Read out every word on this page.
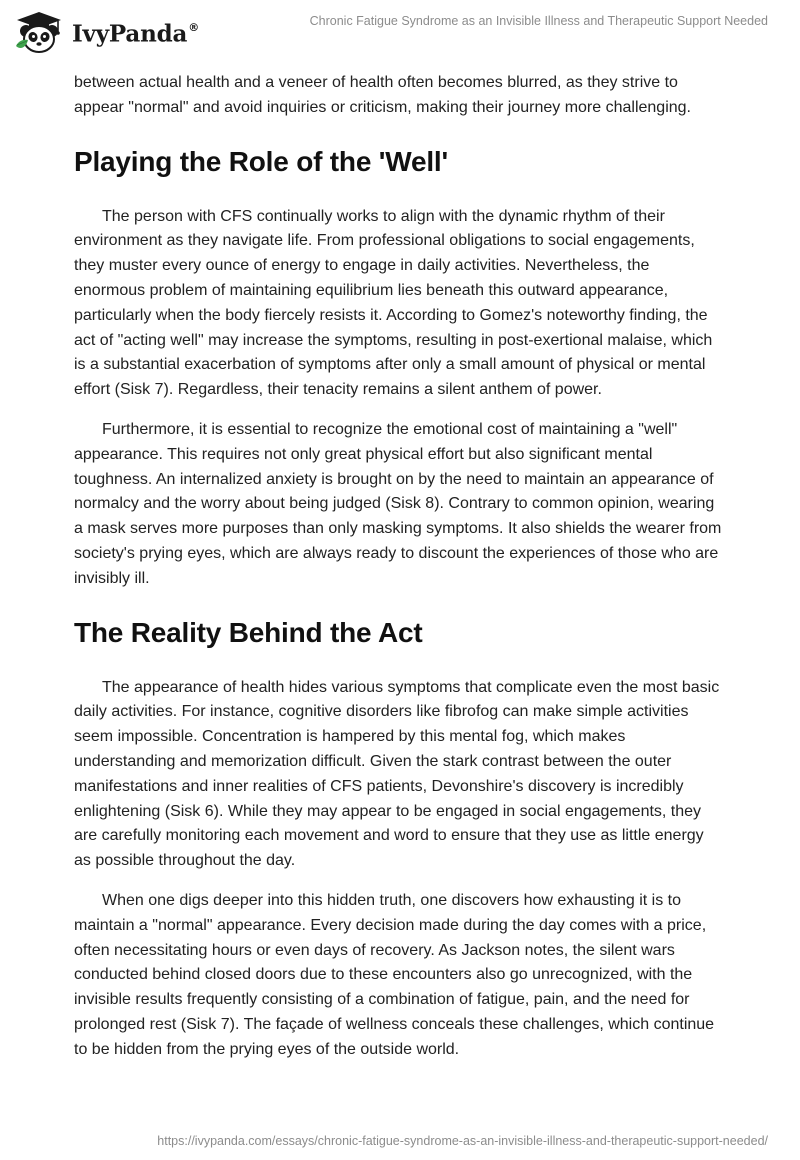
IvyPanda®	Chronic Fatigue Syndrome as an Invisible Illness and Therapeutic Support Needed

between actual health and a veneer of health often becomes blurred, as they strive to appear "normal" and avoid inquiries or criticism, making their journey more challenging.

Playing the Role of the 'Well'

The person with CFS continually works to align with the dynamic rhythm of their environment as they navigate life. From professional obligations to social engagements, they muster every ounce of energy to engage in daily activities. Nevertheless, the enormous problem of maintaining equilibrium lies beneath this outward appearance, particularly when the body fiercely resists it. According to Gomez's noteworthy finding, the act of "acting well" may increase the symptoms, resulting in post-exertional malaise, which is a substantial exacerbation of symptoms after only a small amount of physical or mental effort (Sisk 7). Regardless, their tenacity remains a silent anthem of power.

Furthermore, it is essential to recognize the emotional cost of maintaining a "well" appearance. This requires not only great physical effort but also significant mental toughness. An internalized anxiety is brought on by the need to maintain an appearance of normalcy and the worry about being judged (Sisk 8). Contrary to common opinion, wearing a mask serves more purposes than only masking symptoms. It also shields the wearer from society's prying eyes, which are always ready to discount the experiences of those who are invisibly ill.

The Reality Behind the Act

The appearance of health hides various symptoms that complicate even the most basic daily activities. For instance, cognitive disorders like fibrofog can make simple activities seem impossible. Concentration is hampered by this mental fog, which makes understanding and memorization difficult. Given the stark contrast between the outer manifestations and inner realities of CFS patients, Devonshire's discovery is incredibly enlightening (Sisk 6). While they may appear to be engaged in social engagements, they are carefully monitoring each movement and word to ensure that they use as little energy as possible throughout the day.

When one digs deeper into this hidden truth, one discovers how exhausting it is to maintain a "normal" appearance. Every decision made during the day comes with a price, often necessitating hours or even days of recovery. As Jackson notes, the silent wars conducted behind closed doors due to these encounters also go unrecognized, with the invisible results frequently consisting of a combination of fatigue, pain, and the need for prolonged rest (Sisk 7). The façade of wellness conceals these challenges, which continue to be hidden from the prying eyes of the outside world.

https://ivypanda.com/essays/chronic-fatigue-syndrome-as-an-invisible-illness-and-therapeutic-support-needed/
